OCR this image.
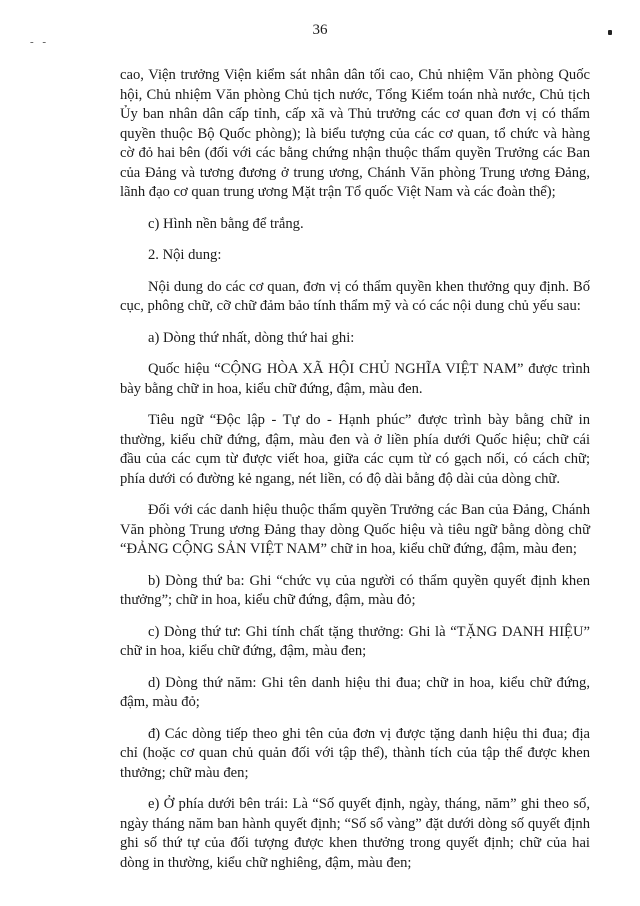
36
- -

cao, Viện trưởng Viện kiểm sát nhân dân tối cao, Chủ nhiệm Văn phòng Quốc hội, Chủ nhiệm Văn phòng Chủ tịch nước, Tổng Kiểm toán nhà nước, Chủ tịch Ủy ban nhân dân cấp tỉnh, cấp xã và Thủ trưởng các cơ quan đơn vị có thẩm quyền thuộc Bộ Quốc phòng); là biểu tượng của các cơ quan, tổ chức và hàng cờ đỏ hai bên (đối với các bằng chứng nhận thuộc thẩm quyền Trưởng các Ban của Đảng và tương đương ở trung ương, Chánh Văn phòng Trung ương Đảng, lãnh đạo cơ quan trung ương Mặt trận Tổ quốc Việt Nam và các đoàn thể);

c) Hình nền bằng để trắng.

2. Nội dung:

Nội dung do các cơ quan, đơn vị có thẩm quyền khen thưởng quy định. Bố cục, phông chữ, cỡ chữ đảm bảo tính thẩm mỹ và có các nội dung chủ yếu sau:

a) Dòng thứ nhất, dòng thứ hai ghi:

Quốc hiệu “CỘNG HÒA XÃ HỘI CHỦ NGHĨA VIỆT NAM” được trình bày bằng chữ in hoa, kiểu chữ đứng, đậm, màu đen.

Tiêu ngữ “Độc lập - Tự do - Hạnh phúc” được trình bày bằng chữ in thường, kiểu chữ đứng, đậm, màu đen và ở liền phía dưới Quốc hiệu; chữ cái đầu của các cụm từ được viết hoa, giữa các cụm từ có gạch nối, có cách chữ; phía dưới có đường kẻ ngang, nét liền, có độ dài bằng độ dài của dòng chữ.

Đối với các danh hiệu thuộc thẩm quyền Trưởng các Ban của Đảng, Chánh Văn phòng Trung ương Đảng thay dòng Quốc hiệu và tiêu ngữ bằng dòng chữ “ĐẢNG CỘNG SẢN VIỆT NAM” chữ in hoa, kiểu chữ đứng, đậm, màu đen;

b) Dòng thứ ba: Ghi “chức vụ của người có thẩm quyền quyết định khen thưởng”; chữ in hoa, kiểu chữ đứng, đậm, màu đỏ;

c) Dòng thứ tư: Ghi tính chất tặng thưởng: Ghi là “TẶNG DANH HIỆU” chữ in hoa, kiểu chữ đứng, đậm, màu đen;

d) Dòng thứ năm: Ghi tên danh hiệu thi đua; chữ in hoa, kiểu chữ đứng, đậm, màu đỏ;

đ) Các dòng tiếp theo ghi tên của đơn vị được tặng danh hiệu thi đua; địa chỉ (hoặc cơ quan chủ quản đối với tập thể), thành tích của tập thể được khen thưởng; chữ màu đen;

e) Ở phía dưới bên trái: Là “Số quyết định, ngày, tháng, năm” ghi theo số, ngày tháng năm ban hành quyết định; “Số sổ vàng” đặt dưới dòng số quyết định ghi số thứ tự của đối tượng được khen thưởng trong quyết định; chữ của hai dòng in thường, kiểu chữ nghiêng, đậm, màu đen;
